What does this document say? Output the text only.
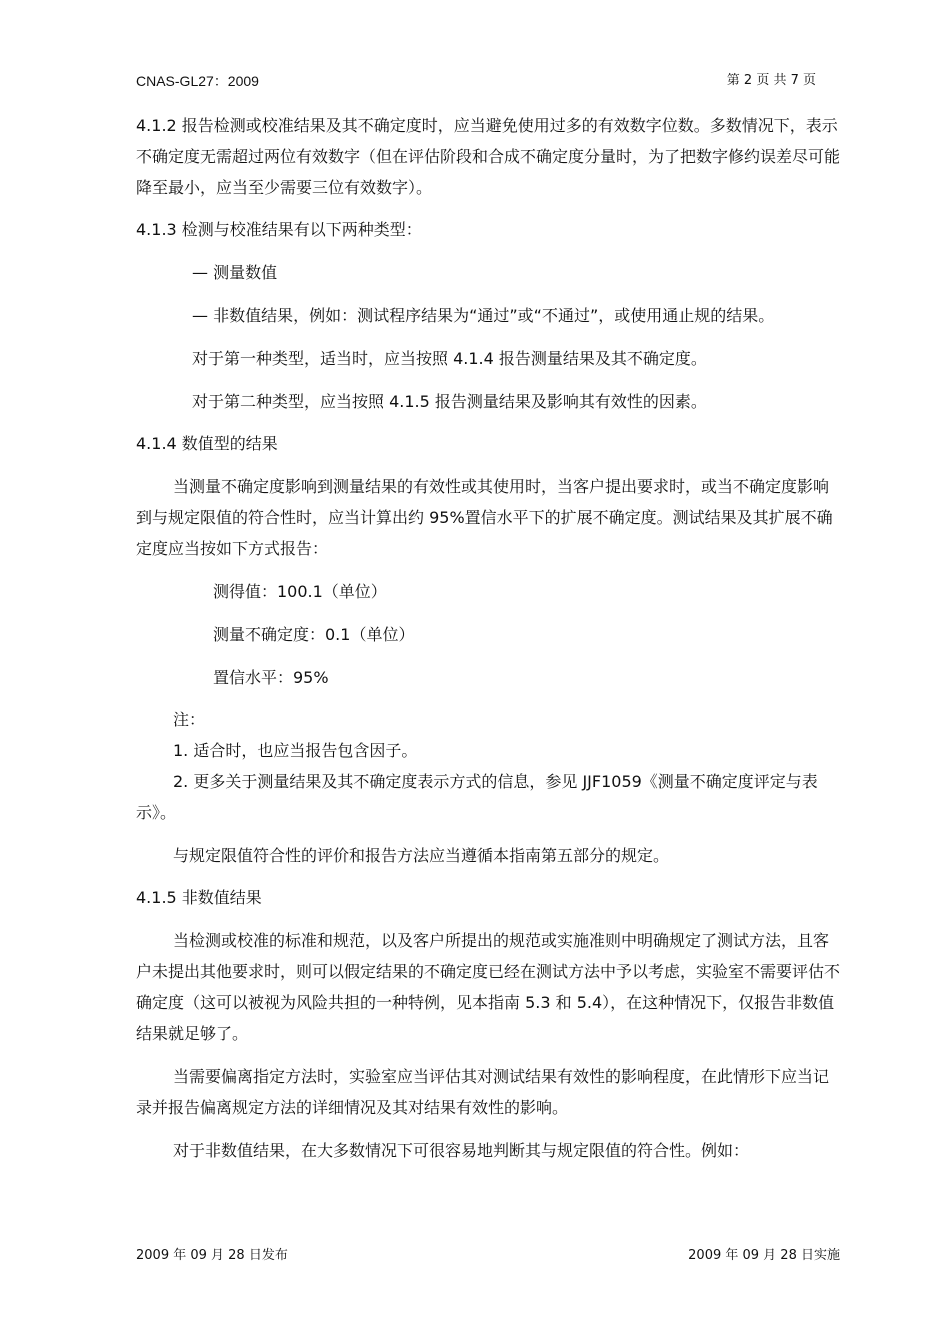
CNAS-GL27：2009	第 2 页 共 7 页

4.1.2 报告检测或校准结果及其不确定度时，应当避免使用过多的有效数字位数。多数情况下，表示不确定度无需超过两位有效数字（但在评估阶段和合成不确定度分量时，为了把数字修约误差尽可能降至最小，应当至少需要三位有效数字）。

4.1.3 检测与校准结果有以下两种类型：

— 测量数值

— 非数值结果，例如：测试程序结果为“通过”或“不通过”，或使用通止规的结果。

对于第一种类型，适当时，应当按照 4.1.4 报告测量结果及其不确定度。

对于第二种类型，应当按照 4.1.5 报告测量结果及影响其有效性的因素。

4.1.4 数值型的结果

当测量不确定度影响到测量结果的有效性或其使用时，当客户提出要求时，或当不确定度影响到与规定限值的符合性时，应当计算出约 95%置信水平下的扩展不确定度。测试结果及其扩展不确定度应当按如下方式报告：

测得值：100.1（单位）

测量不确定度：0.1（单位）

置信水平：95%

注：

1. 适合时，也应当报告包含因子。

2. 更多关于测量结果及其不确定度表示方式的信息，参见 JJF1059《测量不确定度评定与表示》。

与规定限值符合性的评价和报告方法应当遵循本指南第五部分的规定。

4.1.5 非数值结果

当检测或校准的标准和规范，以及客户所提出的规范或实施准则中明确规定了测试方法，且客户未提出其他要求时，则可以假定结果的不确定度已经在测试方法中予以考虑，实验室不需要评估不确定度（这可以被视为风险共担的一种特例，见本指南 5.3 和 5.4），在这种情况下，仅报告非数值结果就足够了。

当需要偏离指定方法时，实验室应当评估其对测试结果有效性的影响程度，在此情形下应当记录并报告偏离规定方法的详细情况及其对结果有效性的影响。

对于非数值结果，在大多数情况下可很容易地判断其与规定限值的符合性。例如：

2009 年 09 月 28 日发布	2009 年 09 月 28 日实施
